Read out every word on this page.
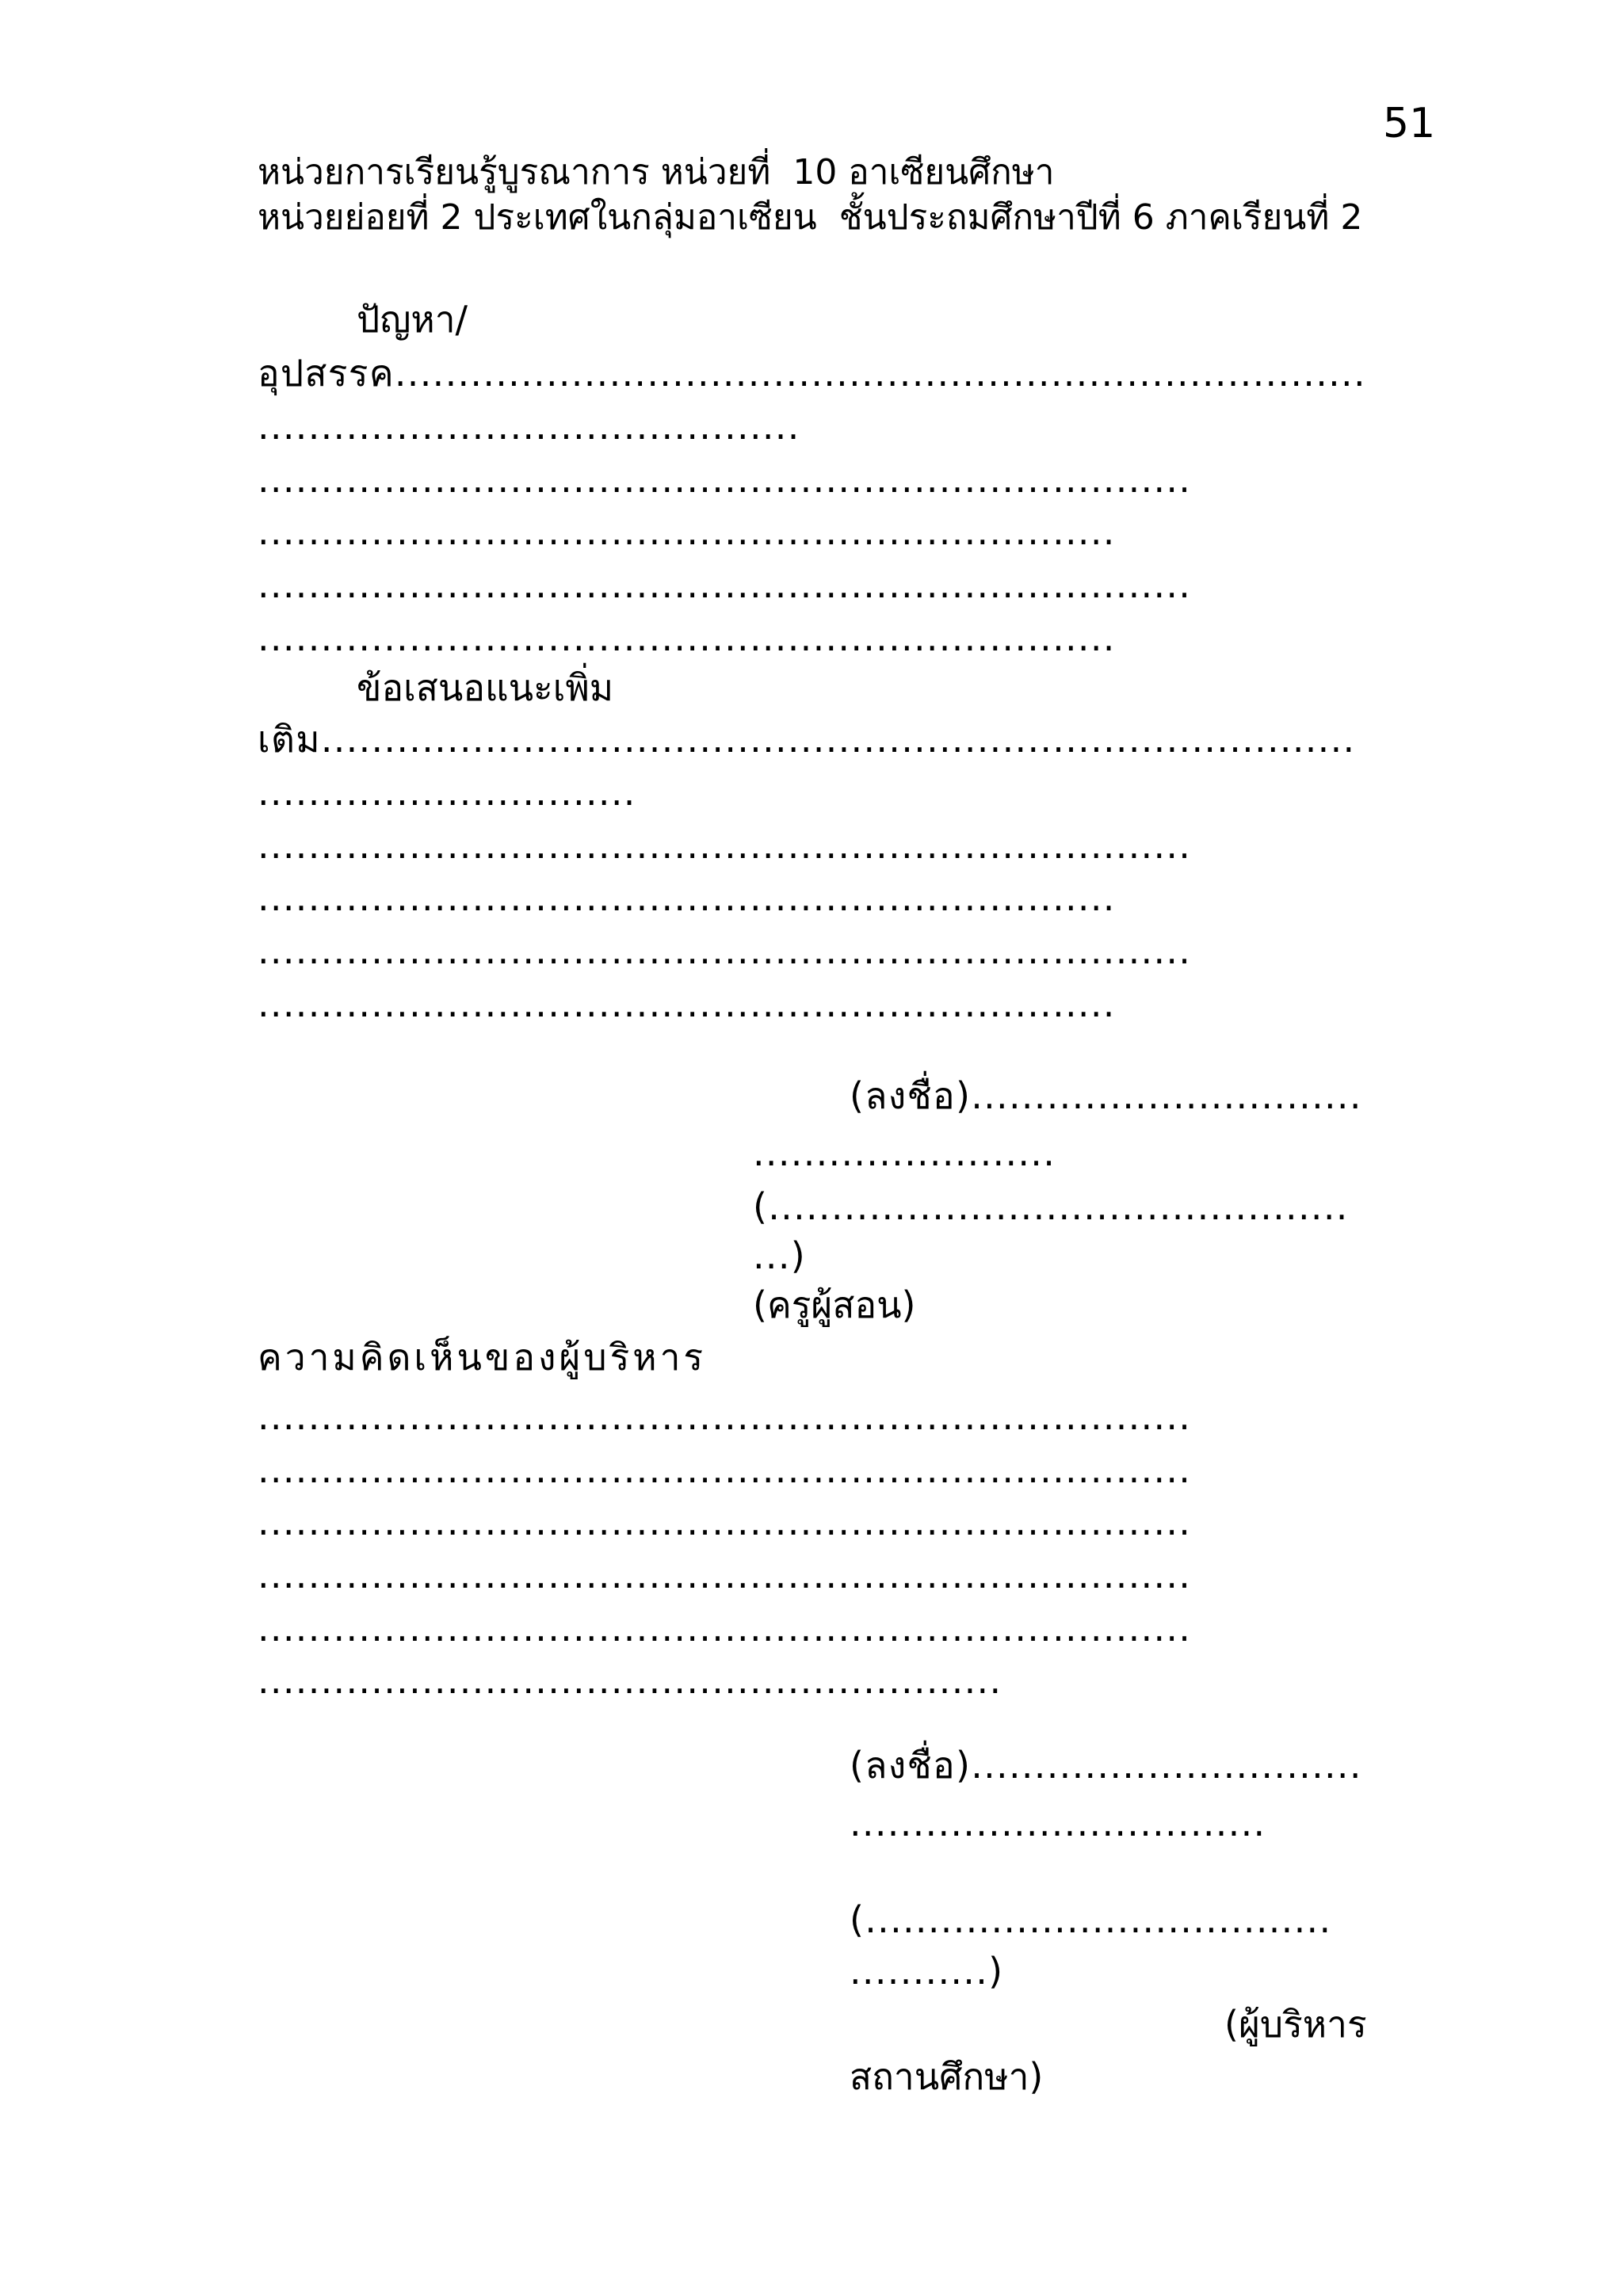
51
หน่วยการเรียนรู้บูรณาการ หน่วยที่  10 อาเซียนศึกษา
หน่วยย่อยที่ 2 ประเทศในกลุ่มอาเซียน  ชั้นประถมศึกษาปีที่ 6 ภาคเรียนที่ 2
ปัญหา/
อุปสรรค.............................................................................
...........................................
..........................................................................
....................................................................
..........................................................................
....................................................................
ข้อเสนอแนะเพิ่ม
เติม..................................................................................
..............................
..........................................................................
....................................................................
..........................................................................
....................................................................
(ลงชื่อ)...............................
........................
(..............................................
...)
(ครูผู้สอน)
ความคิดเห็นของผู้บริหาร
..........................................................................
..........................................................................
..........................................................................
..........................................................................
..........................................................................
...........................................................
(ลงชื่อ)...............................
.................................
(.....................................
...........)
(ผู้บริหาร
สถานศึกษา)
